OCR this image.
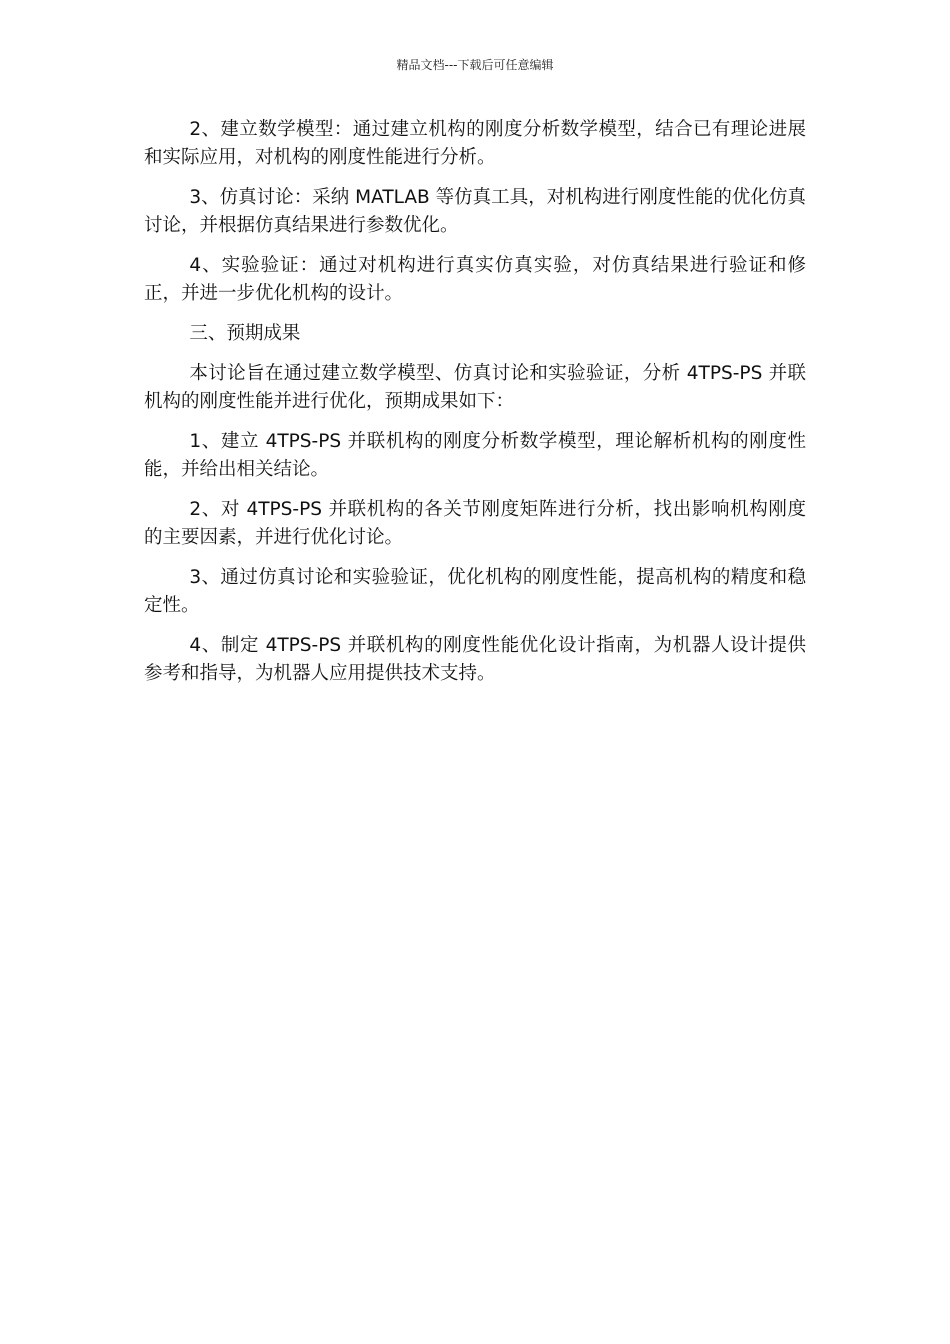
精品文档---下载后可任意编辑

2、建立数学模型：通过建立机构的刚度分析数学模型，结合已有理论进展和实际应用，对机构的刚度性能进行分析。

3、仿真讨论：采纳 MATLAB 等仿真工具，对机构进行刚度性能的优化仿真讨论，并根据仿真结果进行参数优化。

4、实验验证：通过对机构进行真实仿真实验，对仿真结果进行验证和修正，并进一步优化机构的设计。

三、预期成果

本讨论旨在通过建立数学模型、仿真讨论和实验验证，分析 4TPS-PS 并联机构的刚度性能并进行优化，预期成果如下：

1、建立 4TPS-PS 并联机构的刚度分析数学模型，理论解析机构的刚度性能，并给出相关结论。

2、对 4TPS-PS 并联机构的各关节刚度矩阵进行分析，找出影响机构刚度的主要因素，并进行优化讨论。

3、通过仿真讨论和实验验证，优化机构的刚度性能，提高机构的精度和稳定性。

4、制定 4TPS-PS 并联机构的刚度性能优化设计指南，为机器人设计提供参考和指导，为机器人应用提供技术支持。
